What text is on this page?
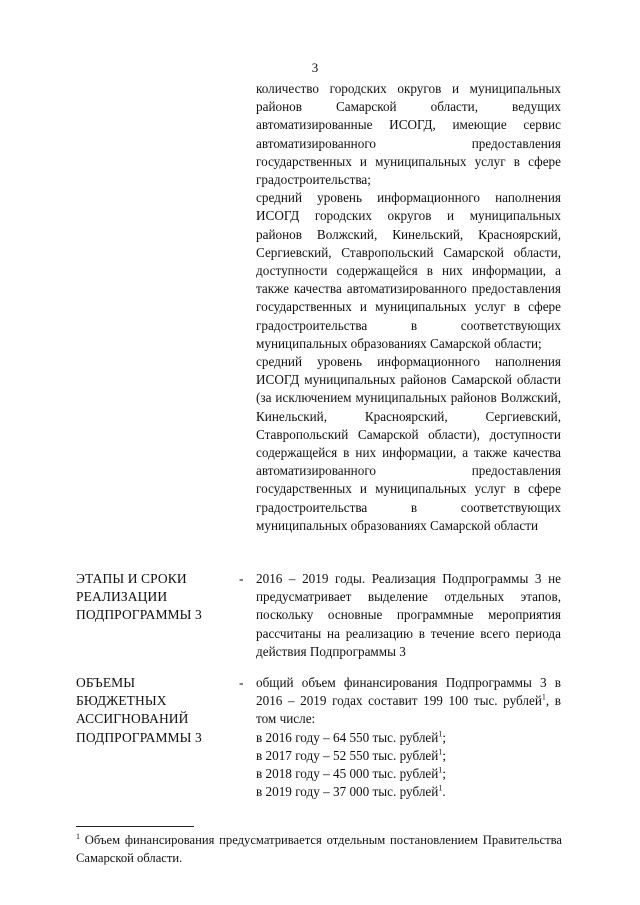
3

количество городских округов и муниципальных районов Самарской области, ведущих автоматизированные ИСОГД, имеющие сервис автоматизированного предоставления государственных и муниципальных услуг в сфере градостроительства;

средний уровень информационного наполнения ИСОГД городских округов и муниципальных районов Волжский, Кинельский, Красноярский, Сергиевский, Ставропольский Самарской области, доступности содержащейся в них информации, а также качества автоматизированного предоставления государственных и муниципальных услуг в сфере градостроительства в соответствующих муниципальных образованиях Самарской области;

средний уровень информационного наполнения ИСОГД муниципальных районов Самарской области (за исключением муниципальных районов Волжский, Кинельский, Красноярский, Сергиевский, Ставропольский Самарской области), доступности содержащейся в них информации, а также качества автоматизированного предоставления государственных и муниципальных услуг в сфере градостроительства в соответствующих муниципальных образованиях Самарской области

ЭТАПЫ И СРОКИ
РЕАЛИЗАЦИИ
ПОДПРОГРАММЫ 3
- 2016 – 2019 годы. Реализация Подпрограммы 3 не предусматривает выделение отдельных этапов, поскольку основные программные мероприятия рассчитаны на реализацию в течение всего периода действия Подпрограммы 3

ОБЪЕМЫ
БЮДЖЕТНЫХ
АССИГНОВАНИЙ
ПОДПРОГРАММЫ 3
- общий объем финансирования Подпрограммы 3 в 2016 – 2019 годах составит 199 100 тыс. рублей$^1$, в том числе:

в 2016 году – 64 550 тыс. рублей$^1$;
в 2017 году – 52 550 тыс. рублей$^1$;
в 2018 году – 45 000 тыс. рублей$^1$;
в 2019 году – 37 000 тыс. рублей$^1$.
$^1$ Объем финансирования предусматривается отдельным постановлением Правительства Самарской области.
